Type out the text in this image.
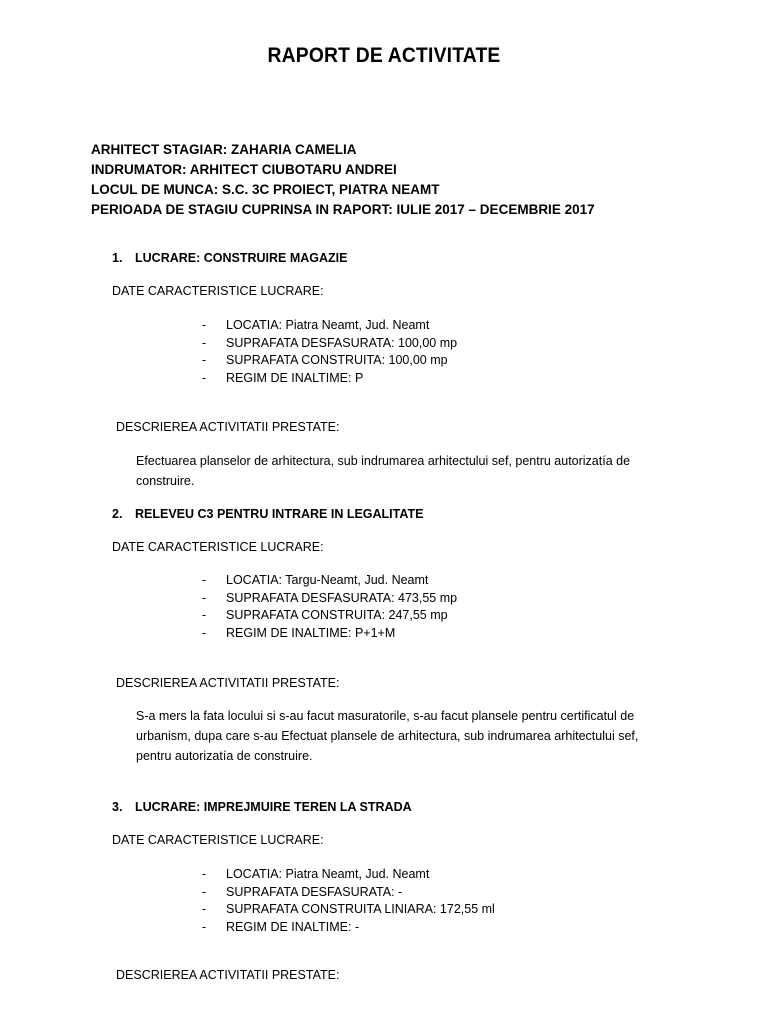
RAPORT DE ACTIVITATE
ARHITECT STAGIAR: ZAHARIA CAMELIA
INDRUMATOR: ARHITECT CIUBOTARU ANDREI
LOCUL DE MUNCA: S.C. 3C PROIECT, PIATRA NEAMT
PERIOADA DE STAGIU CUPRINSA IN RAPORT: IULIE 2017 – DECEMBRIE 2017
1. LUCRARE: CONSTRUIRE MAGAZIE
DATE CARACTERISTICE LUCRARE:
- LOCATIA: Piatra Neamt, Jud. Neamt
- SUPRAFATA DESFASURATA: 100,00 mp
- SUPRAFATA CONSTRUITA: 100,00 mp
- REGIM DE INALTIME: P
DESCRIEREA ACTIVITATII PRESTATE:
Efectuarea planselor de arhitectura, sub indrumarea arhitectului sef, pentru autorizatía de construire.
2. RELEVEU C3 PENTRU INTRARE IN LEGALITATE
DATE CARACTERISTICE LUCRARE:
- LOCATIA: Targu-Neamt, Jud. Neamt
- SUPRAFATA DESFASURATA: 473,55 mp
- SUPRAFATA CONSTRUITA: 247,55 mp
- REGIM DE INALTIME: P+1+M
DESCRIEREA ACTIVITATII PRESTATE:
S-a mers la fata locului si s-au facut masuratorile, s-au facut plansele pentru certificatul de urbanism, dupa care s-au Efectuat plansele de arhitectura, sub indrumarea arhitectului sef, pentru autorizatía de construire.
3. LUCRARE: IMPREJMUIRE TEREN LA STRADA
DATE CARACTERISTICE LUCRARE:
- LOCATIA: Piatra Neamt, Jud. Neamt
- SUPRAFATA DESFASURATA: -
- SUPRAFATA CONSTRUITA LINIARA: 172,55 ml
- REGIM DE INALTIME: -
DESCRIEREA ACTIVITATII PRESTATE:
